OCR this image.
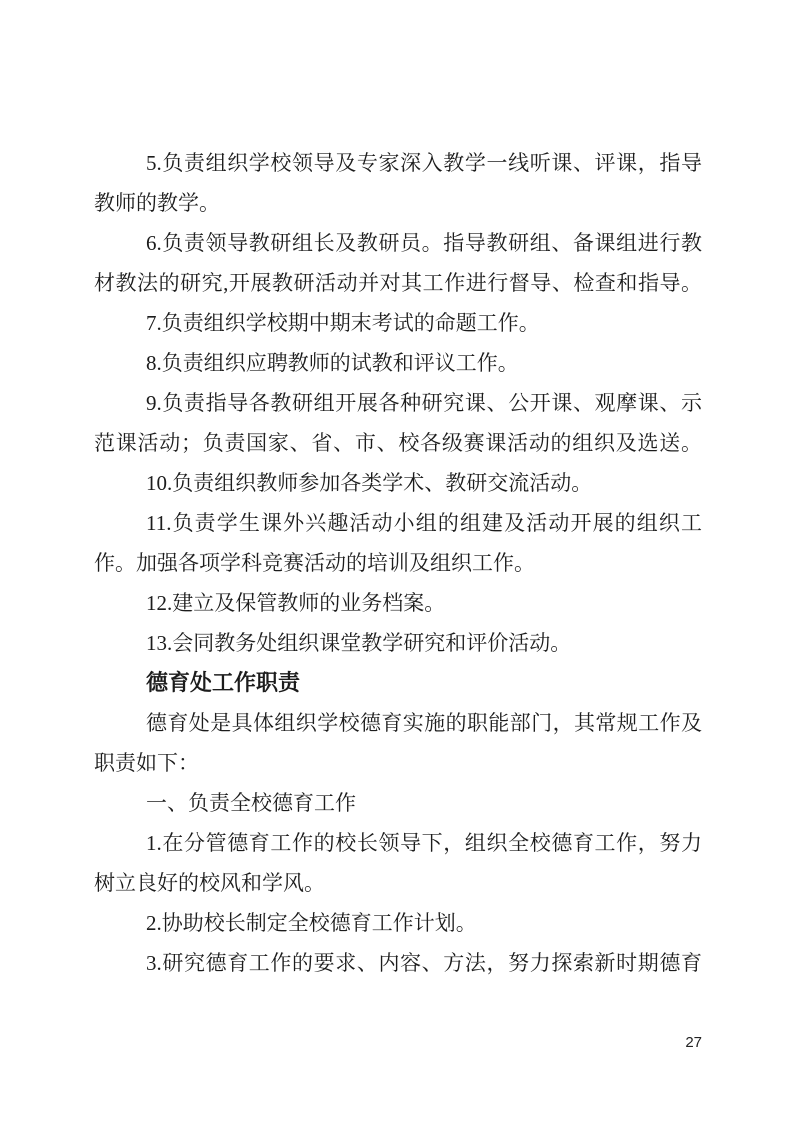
5.负责组织学校领导及专家深入教学一线听课、评课，指导
教师的教学。
6.负责领导教研组长及教研员。指导教研组、备课组进行教
材教法的研究,开展教研活动并对其工作进行督导、检查和指导。
7.负责组织学校期中期末考试的命题工作。
8.负责组织应聘教师的试教和评议工作。
9.负责指导各教研组开展各种研究课、公开课、观摩课、示
范课活动；负责国家、省、市、校各级赛课活动的组织及选送。
10.负责组织教师参加各类学术、教研交流活动。
11.负责学生课外兴趣活动小组的组建及活动开展的组织工
作。加强各项学科竞赛活动的培训及组织工作。
12.建立及保管教师的业务档案。
13.会同教务处组织课堂教学研究和评价活动。
德育处工作职责
德育处是具体组织学校德育实施的职能部门，其常规工作及
职责如下：
一、负责全校德育工作
1.在分管德育工作的校长领导下，组织全校德育工作，努力
树立良好的校风和学风。
2.协助校长制定全校德育工作计划。
3.研究德育工作的要求、内容、方法，努力探索新时期德育
27
